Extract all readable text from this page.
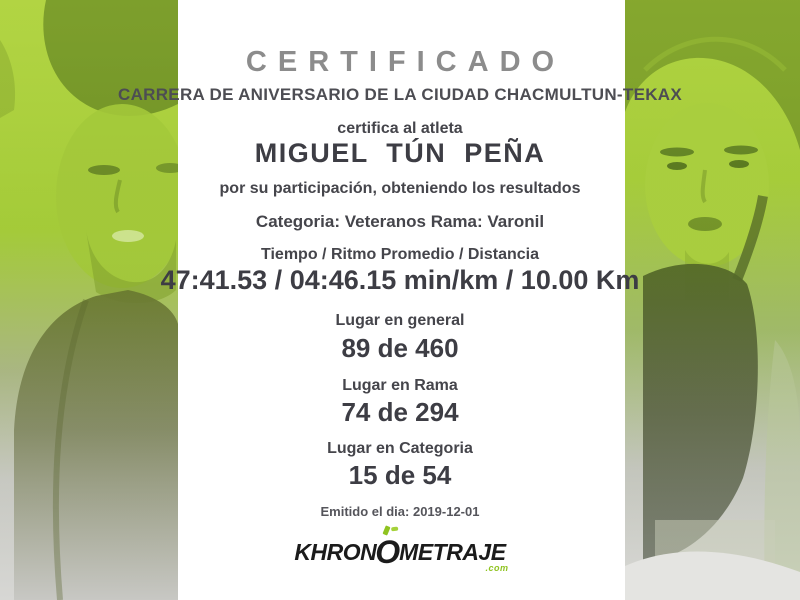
CERTIFICADO
CARRERA DE ANIVERSARIO DE LA CIUDAD CHACMULTUN-TEKAX

certifica al atleta

MIGUEL TÚN PEÑA

por su participación, obteniendo los resultados

Categoria: Veteranos Rama: Varonil

Tiempo / Ritmo Promedio / Distancia

47:41.53 / 04:46.15 min/km / 10.00 Km

Lugar en general

89 de 460

Lugar en Rama

74 de 294

Lugar en Categoria

15 de 54

Emitido el dia: 2019-12-01

KHRON
OMETRAJE
.com
